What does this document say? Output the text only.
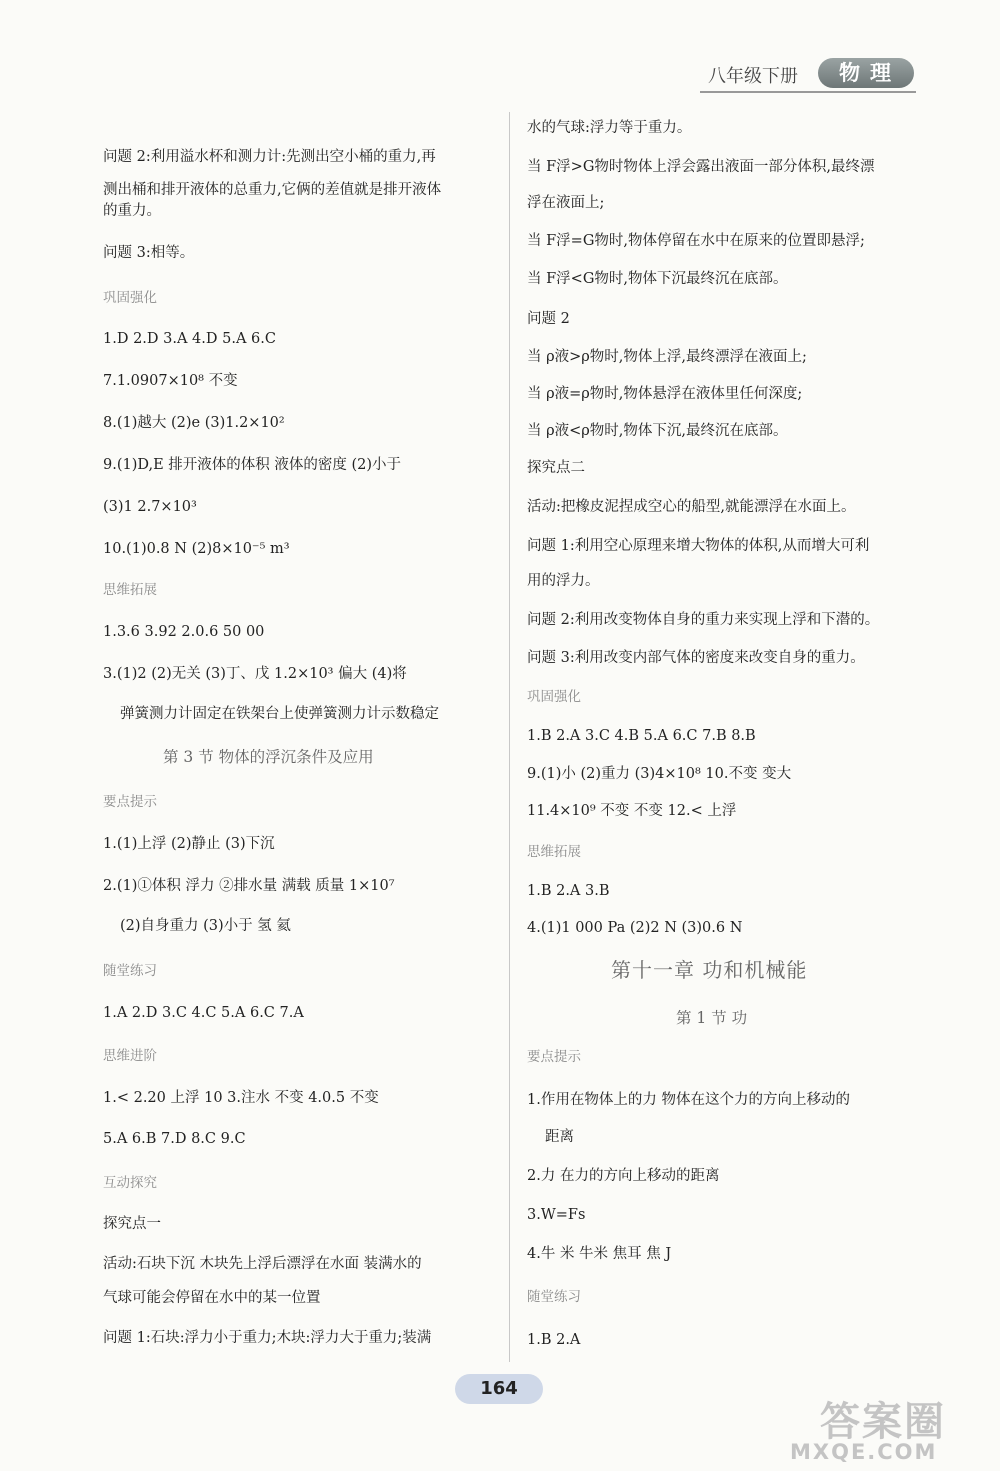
八年级下册	物理
问题 2:利用溢水杯和测力计:先测出空小桶的重力,再
测出桶和排开液体的总重力,它俩的差值就是排开液体
的重力。
问题 3:相等。
巩固强化
1.D 2.D 3.A 4.D 5.A 6.C
7.1.0907×10⁸ 不变
8.(1)越大 (2)e (3)1.2×10²
9.(1)D,E 排开液体的体积 液体的密度 (2)小于
(3)1 2.7×10³
10.(1)0.8 N (2)8×10⁻⁵ m³
思维拓展
1.3.6 3.92 2.0.6 50 00
3.(1)2 (2)无关 (3)丁、戊 1.2×10³ 偏大 (4)将
弹簧测力计固定在铁架台上使弹簧测力计示数稳定
第 3 节 物体的浮沉条件及应用
要点提示
1.(1)上浮 (2)静止 (3)下沉
2.(1)①体积 浮力 ②排水量 满载 质量 1×10⁷
(2)自身重力 (3)小于 氢 氦
随堂练习
1.A 2.D 3.C 4.C 5.A 6.C 7.A
思维进阶
1.< 2.20 上浮 10 3.注水 不变 4.0.5 不变
5.A 6.B 7.D 8.C 9.C
互动探究
探究点一
活动:石块下沉 木块先上浮后漂浮在水面 装满水的
气球可能会停留在水中的某一位置
问题 1:石块:浮力小于重力;木块:浮力大于重力;装满
水的气球:浮力等于重力。
当 F浮>G物时物体上浮会露出液面一部分体积,最终漂
浮在液面上;
当 F浮=G物时,物体停留在水中在原来的位置即悬浮;
当 F浮<G物时,物体下沉最终沉在底部。
问题 2
当 ρ液>ρ物时,物体上浮,最终漂浮在液面上;
当 ρ液=ρ物时,物体悬浮在液体里任何深度;
当 ρ液<ρ物时,物体下沉,最终沉在底部。
探究点二
活动:把橡皮泥捏成空心的船型,就能漂浮在水面上。
问题 1:利用空心原理来增大物体的体积,从而增大可利
用的浮力。
问题 2:利用改变物体自身的重力来实现上浮和下潜的。
问题 3:利用改变内部气体的密度来改变自身的重力。
巩固强化
1.B 2.A 3.C 4.B 5.A 6.C 7.B 8.B
9.(1)小 (2)重力 (3)4×10⁸ 10.不变 变大
11.4×10⁹ 不变 不变 12.< 上浮
思维拓展
1.B 2.A 3.B
4.(1)1 000 Pa (2)2 N (3)0.6 N
第十一章 功和机械能
第 1 节 功
要点提示
1.作用在物体上的力 物体在这个力的方向上移动的
距离
2.力 在力的方向上移动的距离
3.W=Fs
4.牛 米 牛米 焦耳 焦 J
随堂练习
1.B 2.A
164
答案圈
MXQE.COM
